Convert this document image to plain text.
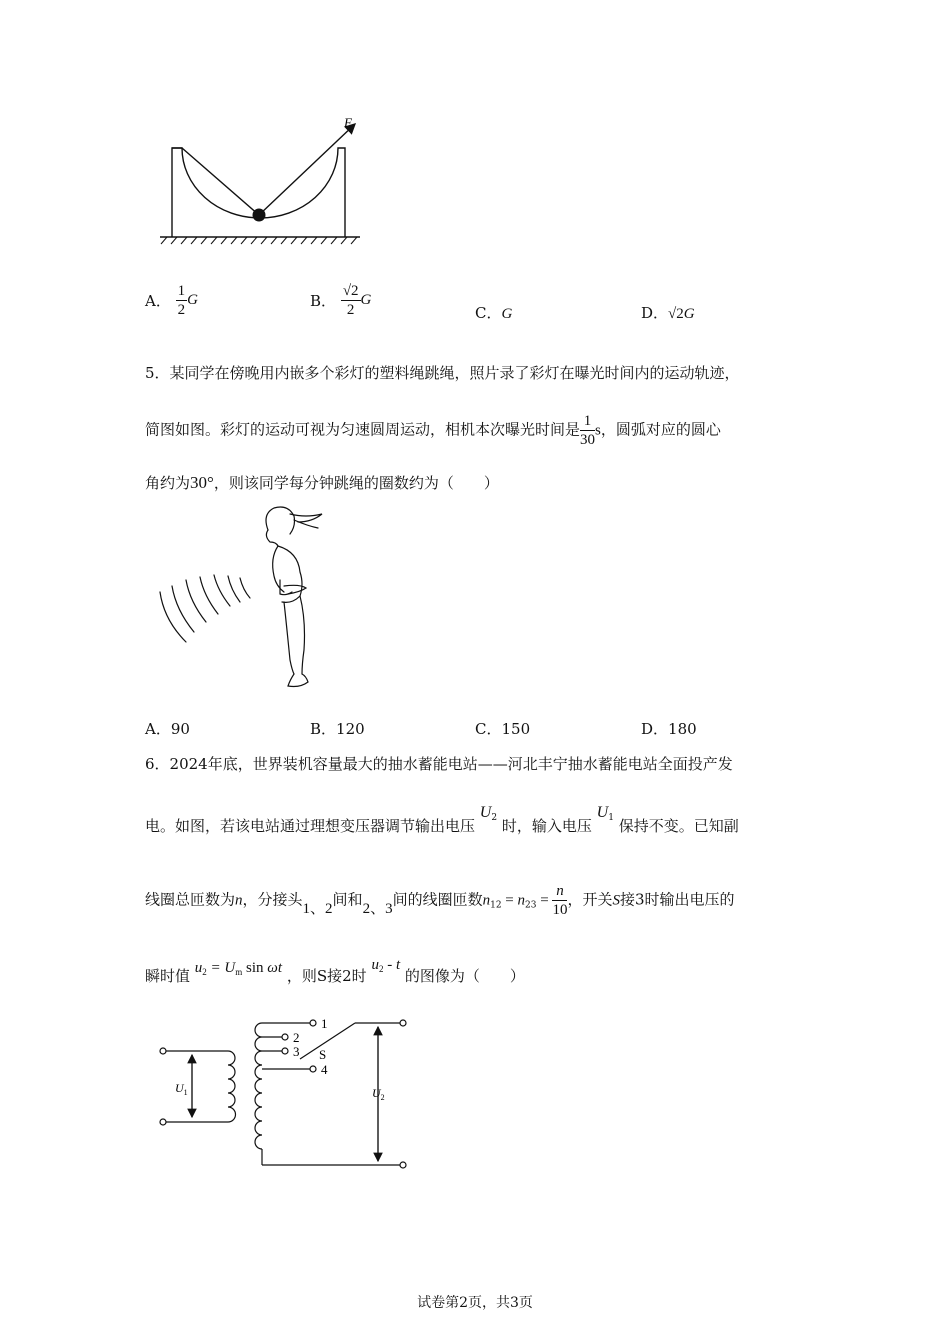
F
A． $\frac{1}{2}$ G	B． $\frac{√2}{2}$ G
C．G	D．√2G
5．某同学在傍晚用内嵌多个彩灯的塑料绳跳绳，照片录了彩灯在曝光时间内的运动轨迹，
简图如图。彩灯的运动可视为匀速圆周运动，相机本次曝光时间是 $\frac{1}{30}$ s，圆弧对应的圆心
角约为30°，则该同学每分钟跳绳的圈数约为（　　）
A．90	B．120	C．150	D．180
6．2024年底，世界装机容量最大的抽水蓄能电站——河北丰宁抽水蓄能电站全面投产发
电。如图，若该电站通过理想变压器调节输出电压 $U_2$ 时，输入电压 $U_1$ 保持不变。已知副
线圈总匝数为n，分接头1、2间和2、3间的线圈匝数$n_{12} = n_{23} = \frac{n}{10}$ ，开关S接3时输出电压的
瞬时值 $u_2 = U_m$ sin ωt ，则S接2时 $u_2$ - t 的图像为（　　）
1
2
3
4
S
$U_1$	$U_2$
试卷第2页，共3页
